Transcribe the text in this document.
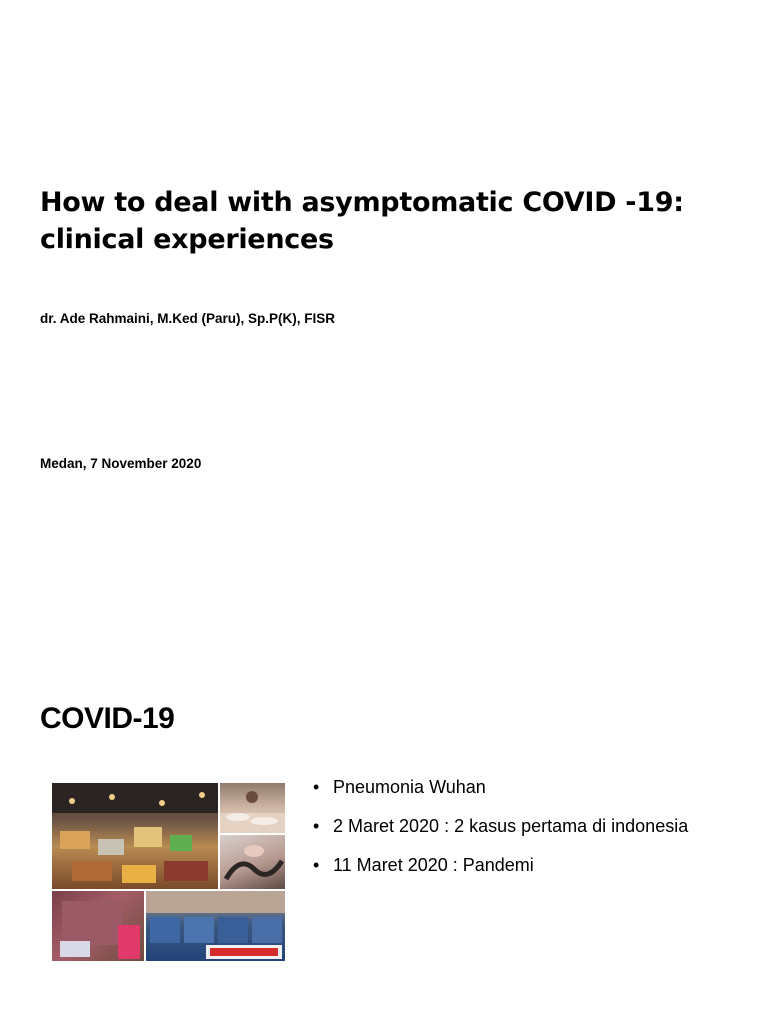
How to deal with asymptomatic COVID -19: clinical experiences
dr. Ade Rahmaini, M.Ked (Paru), Sp.P(K), FISR
Medan, 7 November 2020
COVID-19
• Pneumonia Wuhan
• 2 Maret 2020 : 2 kasus pertama di indonesia
• 11 Maret 2020 : Pandemi
